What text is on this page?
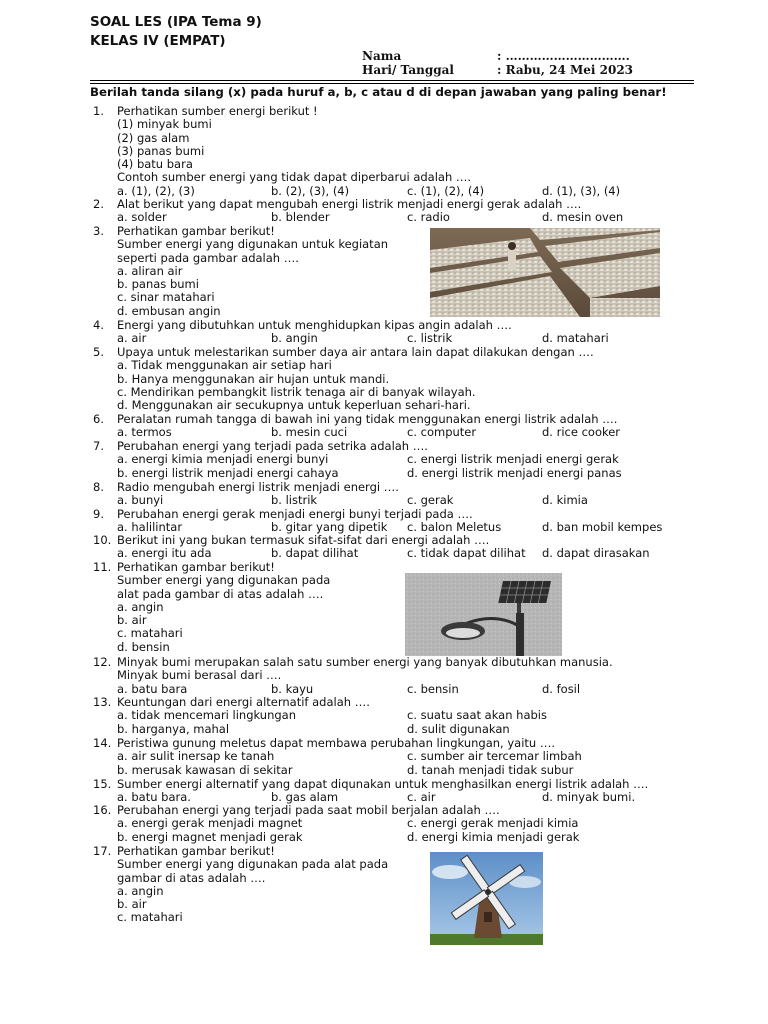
SOAL LES (IPA Tema 9)
KELAS IV (EMPAT)
Nama	: ………………………….
Hari/ Tanggal	: Rabu, 24 Mei 2023
Berilah tanda silang (x) pada huruf a, b, c atau d di depan jawaban yang paling benar!
1.	Perhatikan sumber energi berikut !
(1) minyak bumi
(2) gas alam
(3) panas bumi
(4) batu bara
Contoh sumber energi yang tidak dapat diperbarui adalah ….
a. (1), (2), (3)	b. (2), (3), (4)	c. (1), (2), (4)	d. (1), (3), (4)
2.	Alat berikut yang dapat mengubah energi listrik menjadi energi gerak adalah ….
a. solder	b. blender	c. radio	d. mesin oven
3.	Perhatikan gambar berikut!
Sumber energi yang digunakan untuk kegiatan
seperti pada gambar adalah ….
a. aliran air
b. panas bumi
c. sinar matahari
d. embusan angin
4.	Energi yang dibutuhkan untuk menghidupkan kipas angin adalah ….
a. air	b. angin	c. listrik	d. matahari
5.	Upaya untuk melestarikan sumber daya air antara lain dapat dilakukan dengan ….
a. Tidak menggunakan air setiap hari
b. Hanya menggunakan air hujan untuk mandi.
c. Mendirikan pembangkit listrik tenaga air di banyak wilayah.
d. Menggunakan air secukupnya untuk keperluan sehari-hari.
6.	Peralatan rumah tangga di bawah ini yang tidak menggunakan energi listrik adalah ….
a. termos	b. mesin cuci	c. computer	d. rice cooker
7.	Perubahan energi yang terjadi pada setrika adalah ….
a. energi kimia menjadi energi bunyi	c. energi listrik menjadi energi gerak
b. energi listrik menjadi energi cahaya	d. energi listrik menjadi energi panas
8.	Radio mengubah energi listrik menjadi energi ….
a. bunyi	b. listrik	c. gerak	d. kimia
9.	Perubahan energi gerak menjadi energi bunyi terjadi pada ….
a. halilintar	b. gitar yang dipetik c. balon Meletus	d. ban mobil kempes
10. Berikut ini yang bukan termasuk sifat-sifat dari energi adalah ….
a. energi itu ada	b. dapat dilihat	c. tidak dapat dilihat d. dapat dirasakan
11. Perhatikan gambar berikut!
Sumber energi yang digunakan pada
alat pada gambar di atas adalah ….
a. angin
b. air
c. matahari
d. bensin
12. Minyak bumi merupakan salah satu sumber energi yang banyak dibutuhkan manusia.
Minyak bumi berasal dari ….
a. batu bara	b. kayu	c. bensin	d. fosil
13. Keuntungan dari energi alternatif adalah ….
a. tidak mencemari lingkungan	c. suatu saat akan habis
b. harganya, mahal	d. sulit digunakan
14. Peristiwa gunung meletus dapat membawa perubahan lingkungan, yaitu ….
a. air sulit inersap ke tanah	c. sumber air tercemar limbah
b. merusak kawasan di sekitar	d. tanah menjadi tidak subur
15. Sumber energi alternatif yang dapat diqunakan untuk menghasilkan energi listrik adalah ….
a. batu bara.	b. gas alam	c. air	d. minyak bumi.
16. Perubahan energi yang terjadi pada saat mobil berjalan adalah ….
a. energi gerak menjadi magnet	c. energi gerak menjadi kimia
b. energi magnet menjadi gerak	d. energi kimia menjadi gerak
17. Perhatikan gambar berikut!
Sumber energi yang digunakan pada alat pada
gambar di atas adalah ….
a. angin
b. air
c. matahari
